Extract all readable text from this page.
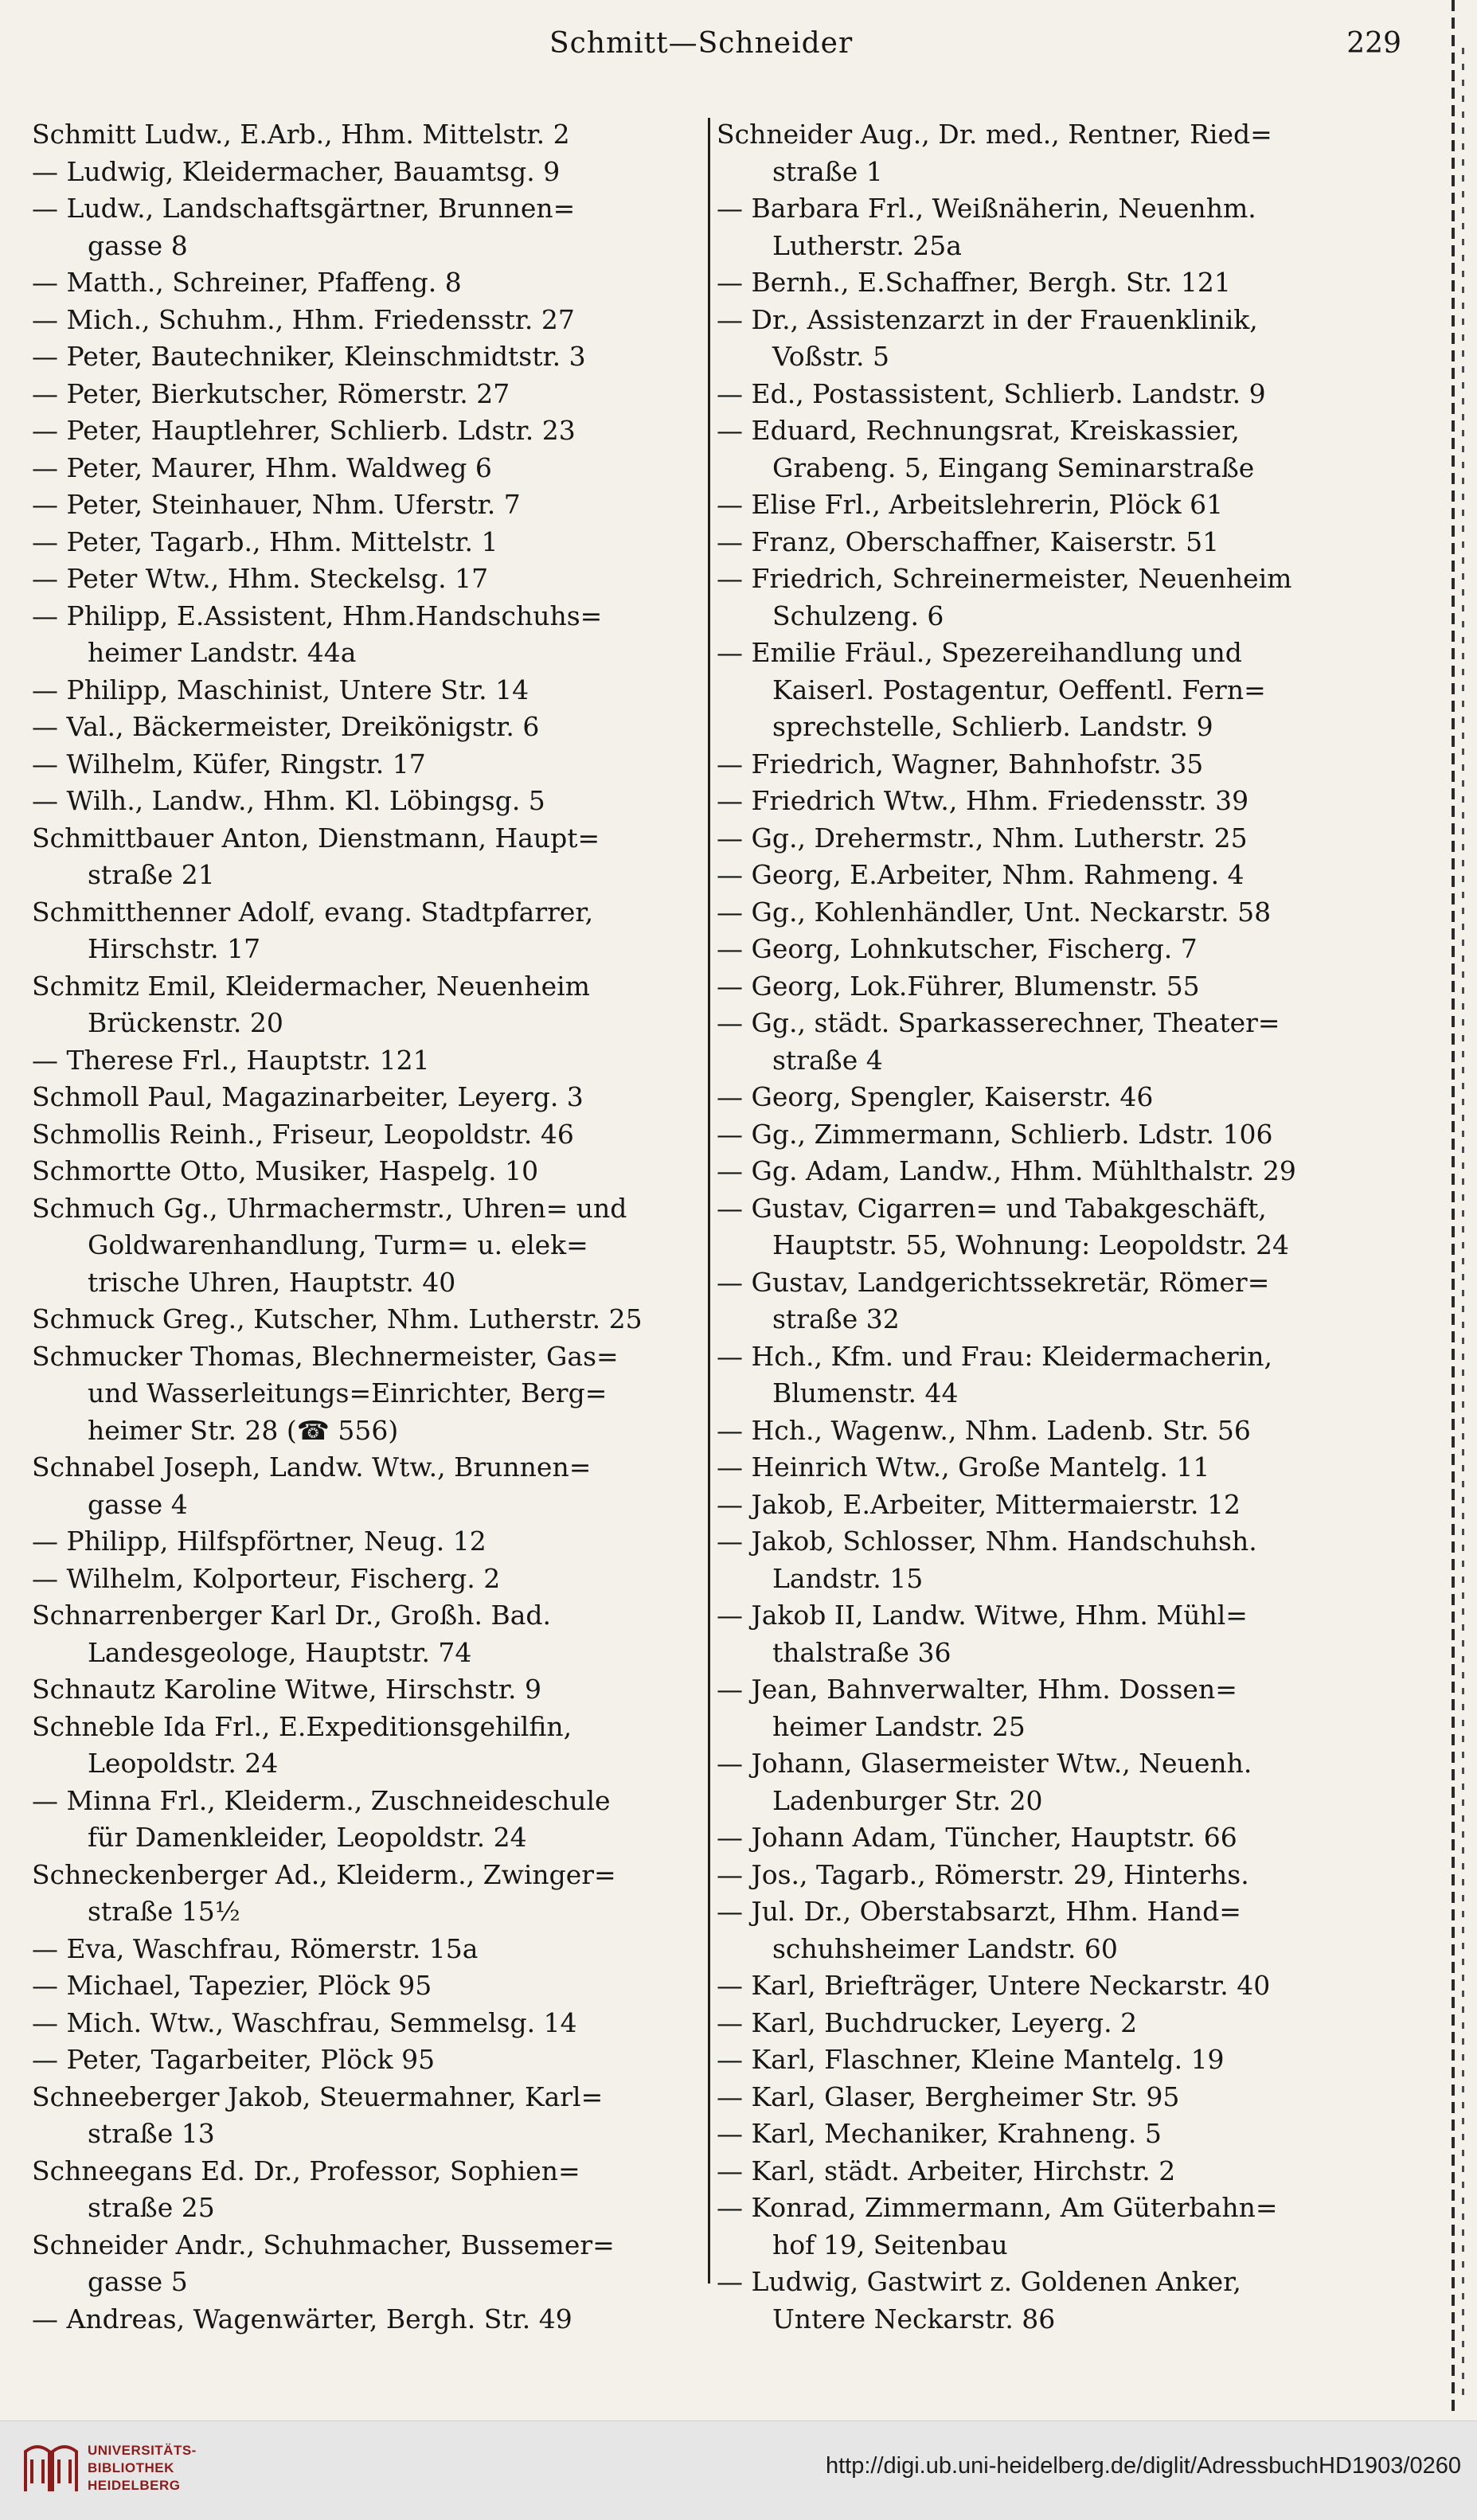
Schmitt—Schneider	229
Schmitt Ludw., E.Arb., Hhm. Mittelstr. 2
— Ludwig, Kleidermacher, Bauamtsg. 9
— Ludw., Landschaftsgärtner, Brunnen=
gasse 8
— Matth., Schreiner, Pfaffeng. 8
— Mich., Schuhm., Hhm. Friedensstr. 27
— Peter, Bautechniker, Kleinschmidtstr. 3
— Peter, Bierkutscher, Römerstr. 27
— Peter, Hauptlehrer, Schlierb. Ldstr. 23
— Peter, Maurer, Hhm. Waldweg 6
— Peter, Steinhauer, Nhm. Uferstr. 7
— Peter, Tagarb., Hhm. Mittelstr. 1
— Peter Wtw., Hhm. Steckelsg. 17
— Philipp, E.Assistent, Hhm.Handschuhs=
heimer Landstr. 44a
— Philipp, Maschinist, Untere Str. 14
— Val., Bäckermeister, Dreikönigstr. 6
— Wilhelm, Küfer, Ringstr. 17
— Wilh., Landw., Hhm. Kl. Löbingsg. 5
Schmittbauer Anton, Dienstmann, Haupt=
straße 21
Schmitthenner Adolf, evang. Stadtpfarrer,
Hirschstr. 17
Schmitz Emil, Kleidermacher, Neuenheim
Brückenstr. 20
— Therese Frl., Hauptstr. 121
Schmoll Paul, Magazinarbeiter, Leyerg. 3
Schmollis Reinh., Friseur, Leopoldstr. 46
Schmortte Otto, Musiker, Haspelg. 10
Schmuch Gg., Uhrmachermstr., Uhren= und
Goldwarenhandlung, Turm= u. elek=
trische Uhren, Hauptstr. 40
Schmuck Greg., Kutscher, Nhm. Lutherstr. 25
Schmucker Thomas, Blechnermeister, Gas=
und Wasserleitungs=Einrichter, Berg=
heimer Str. 28 (☎ 556)
Schnabel Joseph, Landw. Wtw., Brunnen=
gasse 4
— Philipp, Hilfspförtner, Neug. 12
— Wilhelm, Kolporteur, Fischerg. 2
Schnarrenberger Karl Dr., Großh. Bad.
Landesgeologe, Hauptstr. 74
Schnautz Karoline Witwe, Hirschstr. 9
Schneble Ida Frl., E.Expeditionsgehilfin,
Leopoldstr. 24
— Minna Frl., Kleiderm., Zuschneideschule
für Damenkleider, Leopoldstr. 24
Schneckenberger Ad., Kleiderm., Zwinger=
straße 15½
— Eva, Waschfrau, Römerstr. 15a
— Michael, Tapezier, Plöck 95
— Mich. Wtw., Waschfrau, Semmelsg. 14
— Peter, Tagarbeiter, Plöck 95
Schneeberger Jakob, Steuermahner, Karl=
straße 13
Schneegans Ed. Dr., Professor, Sophien=
straße 25
Schneider Andr., Schuhmacher, Bussemer=
gasse 5
— Andreas, Wagenwärter, Bergh. Str. 49
Schneider Aug., Dr. med., Rentner, Ried=
straße 1
— Barbara Frl., Weißnäherin, Neuenhm.
Lutherstr. 25a
— Bernh., E.Schaffner, Bergh. Str. 121
— Dr., Assistenzarzt in der Frauenklinik,
Voßstr. 5
— Ed., Postassistent, Schlierb. Landstr. 9
— Eduard, Rechnungsrat, Kreiskassier,
Grabeng. 5, Eingang Seminarstraße
— Elise Frl., Arbeitslehrerin, Plöck 61
— Franz, Oberschaffner, Kaiserstr. 51
— Friedrich, Schreinermeister, Neuenheim
Schulzeng. 6
— Emilie Fräul., Spezereihandlung und
Kaiserl. Postagentur, Oeffentl. Fern=
sprechstelle, Schlierb. Landstr. 9
— Friedrich, Wagner, Bahnhofstr. 35
— Friedrich Wtw., Hhm. Friedensstr. 39
— Gg., Drehermstr., Nhm. Lutherstr. 25
— Georg, E.Arbeiter, Nhm. Rahmeng. 4
— Gg., Kohlenhändler, Unt. Neckarstr. 58
— Georg, Lohnkutscher, Fischerg. 7
— Georg, Lok.Führer, Blumenstr. 55
— Gg., städt. Sparkasserechner, Theater=
straße 4
— Georg, Spengler, Kaiserstr. 46
— Gg., Zimmermann, Schlierb. Ldstr. 106
— Gg. Adam, Landw., Hhm. Mühlthalstr. 29
— Gustav, Cigarren= und Tabakgeschäft,
Hauptstr. 55, Wohnung: Leopoldstr. 24
— Gustav, Landgerichtssekretär, Römer=
straße 32
— Hch., Kfm. und Frau: Kleidermacherin,
Blumenstr. 44
— Hch., Wagenw., Nhm. Ladenb. Str. 56
— Heinrich Wtw., Große Mantelg. 11
— Jakob, E.Arbeiter, Mittermaierstr. 12
— Jakob, Schlosser, Nhm. Handschuhsh.
Landstr. 15
— Jakob II, Landw. Witwe, Hhm. Mühl=
thalstraße 36
— Jean, Bahnverwalter, Hhm. Dossen=
heimer Landstr. 25
— Johann, Glasermeister Wtw., Neuenh.
Ladenburger Str. 20
— Johann Adam, Tüncher, Hauptstr. 66
— Jos., Tagarb., Römerstr. 29, Hinterhs.
— Jul. Dr., Oberstabsarzt, Hhm. Hand=
schuhsheimer Landstr. 60
— Karl, Briefträger, Untere Neckarstr. 40
— Karl, Buchdrucker, Leyerg. 2
— Karl, Flaschner, Kleine Mantelg. 19
— Karl, Glaser, Bergheimer Str. 95
— Karl, Mechaniker, Krahneng. 5
— Karl, städt. Arbeiter, Hirchstr. 2
— Konrad, Zimmermann, Am Güterbahn=
hof 19, Seitenbau
— Ludwig, Gastwirt z. Goldenen Anker,
Untere Neckarstr. 86
UNIVERSITÄTS-
BIBLIOTHEK
HEIDELBERG
http://digi.ub.uni-heidelberg.de/diglit/AdressbuchHD1903/0260
